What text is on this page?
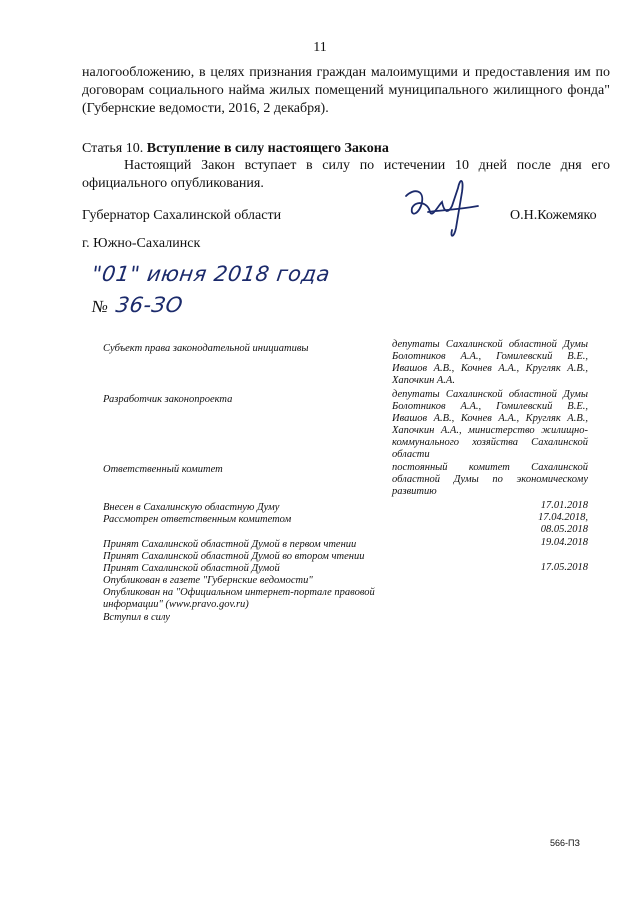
11
налогообложению, в целях признания граждан малоимущими и предоставления им по договорам социального найма жилых помещений муниципального жилищного фонда" (Губернские ведомости, 2016, 2 декабря).
Статья 10. Вступление в силу настоящего Закона
Настоящий Закон вступает в силу по истечении 10 дней после дня его официального опубликования.
Губернатор Сахалинской области	О.Н.Кожемяко
г. Южно-Сахалинск
"01" июня 2018 года
№ 36-ЗО
Субъект права законодательной инициативы	депутаты Сахалинской областной Думы Болотников А.А., Гомилевский В.Е., Ивашов А.В., Кочнев А.А., Кругляк А.В., Хапочкин А.А.
Разработчик законопроекта	депутаты Сахалинской областной Думы Болотников А.А., Гомилевский В.Е., Ивашов А.В., Кочнев А.А., Кругляк А.В., Хапочкин А.А., министерство жилищно-коммунального хозяйства Сахалинской области
Ответственный комитет	постоянный комитет Сахалинской областной Думы по экономическому развитию
Внесен в Сахалинскую областную Думу	17.01.2018
Рассмотрен ответственным комитетом	17.04.2018,
08.05.2018
Принят Сахалинской областной Думой в первом чтении	19.04.2018
Принят Сахалинской областной Думой во втором чтении
Принят Сахалинской областной Думой	17.05.2018
Опубликован в газете "Губернские ведомости"
Опубликован на "Официальном интернет-портале правовой информации" (www.pravo.gov.ru)
Вступил в силу
566-ПЗ
